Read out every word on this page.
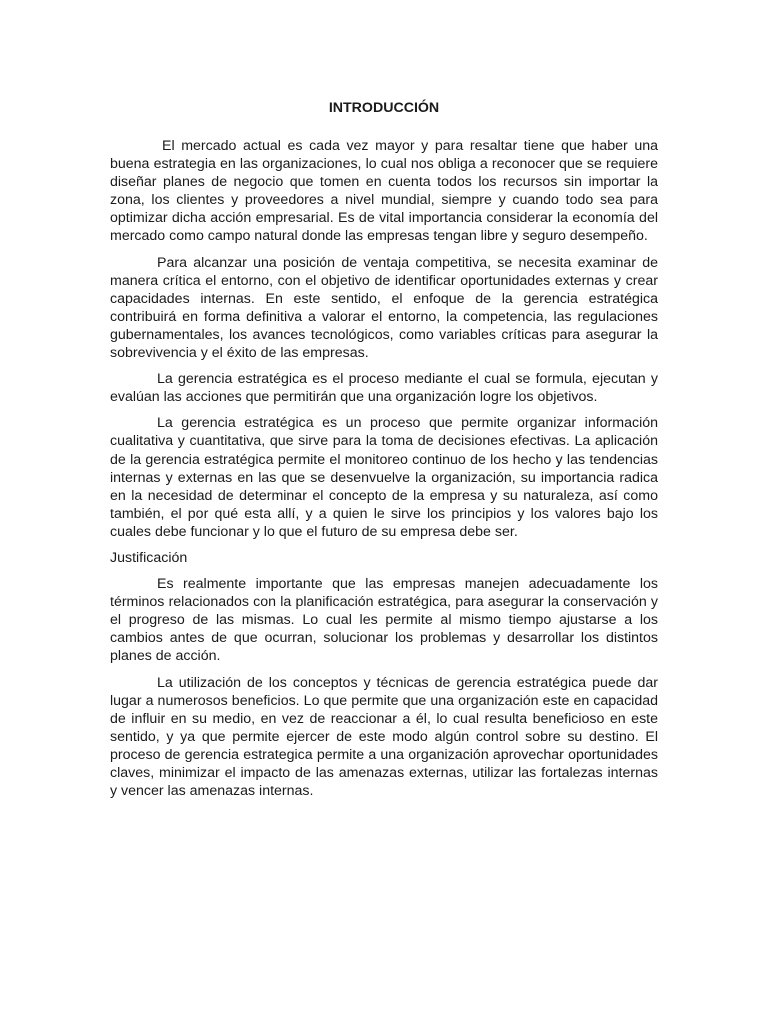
INTRODUCCIÓN

El mercado actual es cada vez mayor y para resaltar tiene que haber una buena estrategia en las organizaciones, lo cual nos obliga a reconocer que se requiere diseñar planes de negocio que tomen en cuenta todos los recursos sin importar la zona, los clientes y proveedores a nivel mundial, siempre y cuando todo sea para optimizar dicha acción empresarial. Es de vital importancia considerar la economía del mercado como campo natural donde las empresas tengan libre y seguro desempeño.

Para alcanzar una posición de ventaja competitiva, se necesita examinar de manera crítica el entorno, con el objetivo de identificar oportunidades externas y crear capacidades internas. En este sentido, el enfoque de la gerencia estratégica contribuirá en forma definitiva a valorar el entorno, la competencia, las regulaciones gubernamentales, los avances tecnológicos, como variables críticas para asegurar la sobrevivencia y el éxito de las empresas.

La gerencia estratégica es el proceso mediante el cual se formula, ejecutan y evalúan las acciones que permitirán que una organización logre los objetivos.

La gerencia estratégica es un proceso que permite organizar información cualitativa y cuantitativa, que sirve para la toma de decisiones efectivas. La aplicación de la gerencia estratégica permite el monitoreo continuo de los hecho y las tendencias internas y externas en las que se desenvuelve la organización, su importancia radica en la necesidad de determinar el concepto de la empresa y su naturaleza, así como también, el por qué esta allí, y a quien le sirve los principios y los valores bajo los cuales debe funcionar y lo que el futuro de su empresa debe ser.

Justificación

Es realmente importante que las empresas manejen adecuadamente los términos relacionados con la planificación estratégica, para asegurar la conservación y el progreso de las mismas. Lo cual les permite al mismo tiempo ajustarse a los cambios antes de que ocurran, solucionar los problemas y desarrollar los distintos planes de acción.

La utilización de los conceptos y técnicas de gerencia estratégica puede dar lugar a numerosos beneficios. Lo que permite que una organización este en capacidad de influir en su medio, en vez de reaccionar a él, lo cual resulta beneficioso en este sentido, y ya que permite ejercer de este modo algún control sobre su destino. El proceso de gerencia estrategica permite a una organización aprovechar oportunidades claves, minimizar el impacto de las amenazas externas, utilizar las fortalezas internas y vencer las amenazas internas.
